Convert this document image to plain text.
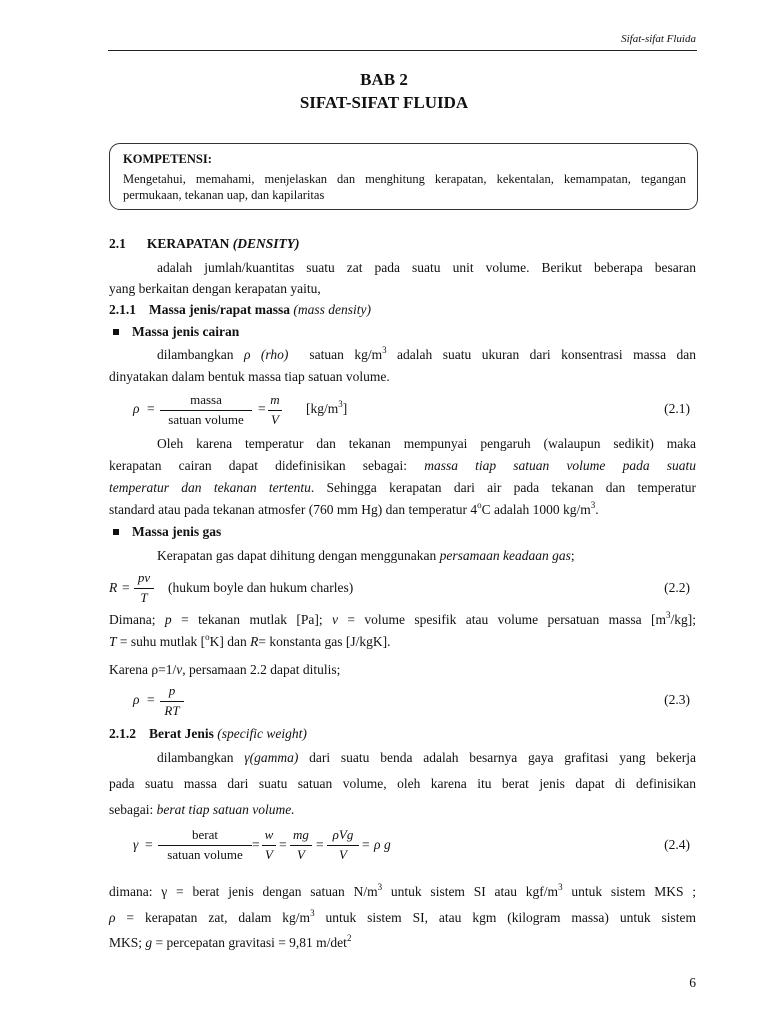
Sifat-sifat Fluida
BAB 2
SIFAT-SIFAT FLUIDA
KOMPETENSI:
Mengetahui, memahami, menjelaskan dan menghitung kerapatan, kekentalan, kemampatan, tegangan permukaan, tekanan uap, dan kapilaritas
2.1 KERAPATAN (DENSITY)
adalah jumlah/kuantitas suatu zat pada suatu unit volume. Berikut beberapa besaran
yang berkaitan dengan kerapatan yaitu,
2.1.1 Massa jenis/rapat massa (mass density)
Massa jenis cairan
dilambangkan ρ (rho) satuan $kg/m^3$ adalah suatu ukuran dari konsentrasi massa dan
dinyatakan dalam bentuk massa tiap satuan volume.
ρ =
massa
satuan volume
=
m
V
$[kg/m^3]$	(2.1)
Oleh karena temperatur dan tekanan mempunyai pengaruh (walaupun sedikit) maka
kerapatan cairan dapat didefinisikan sebagai: massa tiap satuan volume pada suatu
temperatur dan tekanan tertentu. Sehingga kerapatan dari air pada tekanan dan temperatur
standard atau pada tekanan atmosfer (760 mm Hg) dan temperatur 4$^o$C adalah 1000 $kg/m^3$.
Massa jenis gas
Kerapatan gas dapat dihitung dengan menggunakan persamaan keadaan gas;
R =
pv
T
(hukum boyle dan hukum charles)	(2.2)
Dimana; p = tekanan mutlak [Pa]; v = volume spesifik atau volume persatuan massa $[m^3/kg]$;
T = suhu mutlak [$^o$K] dan R= konstanta gas [J/kgK].
Karena ρ=1/v, persamaan 2.2 dapat ditulis;
ρ =
p
RT
(2.3)
2.1.2 Berat Jenis (specific weight)
dilambangkan γ(gamma) dari suatu benda adalah besarnya gaya grafitasi yang bekerja
pada suatu massa dari suatu satuan volume, oleh karena itu berat jenis dapat di definisikan
sebagai: berat tiap satuan volume.
γ =
berat
satuan volume
=
w
V
=
mg
V
=
ρVg
V
= ρ g	(2.4)
dimana: γ = berat jenis dengan satuan $N/m^3$ untuk sistem SI atau kgf/$m^3$ untuk sistem MKS ;
ρ = kerapatan zat, dalam $kg/m^3$ untuk sistem SI, atau kgm (kilogram massa) untuk sistem
MKS; g = percepatan gravitasi = 9,81 $m/\det^2$
6
